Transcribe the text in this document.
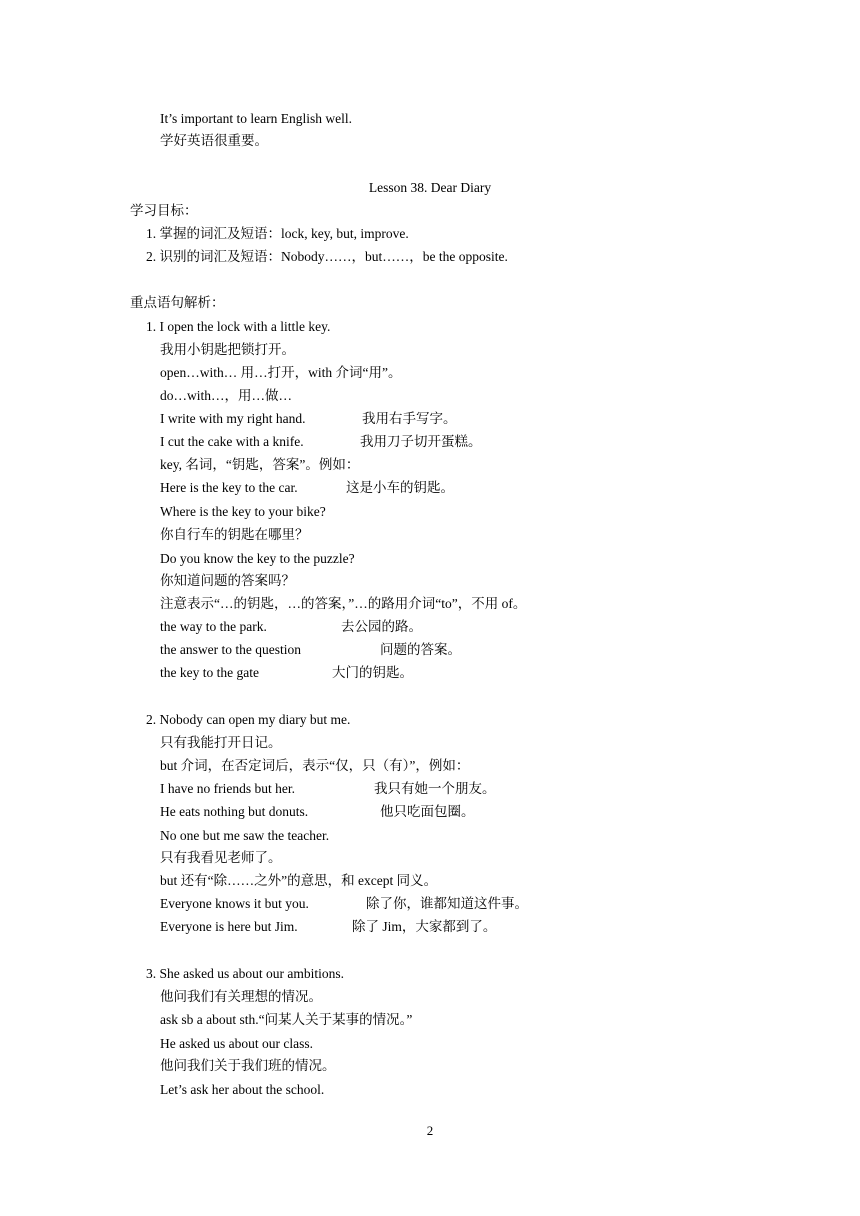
It’s important to learn English well.
学好英语很重要。
Lesson 38. Dear Diary
学习目标：
1. 掌握的词汇及短语：lock, key, but, improve.
2. 识别的词汇及短语：Nobody……，but……，be the opposite.
重点语句解析：
1. I open the lock with a little key.
我用小钥匙把锁打开。
open…with… 用…打开，with 介词“用”。
do…with…，用…做…
I write with my right hand.	我用右手写字。
I cut the cake with a knife.	我用刀子切开蛋糕。
key, 名词，“钥匙，答案”。例如：
Here is the key to the car.	这是小车的钥匙。
Where is the key to your bike?
你自行车的钥匙在哪里？
Do you know the key to the puzzle?
你知道问题的答案吗？
注意表示“…的钥匙，…的答案，”…的路用介词“to”，不用 of。
the way to the park.	去公园的路。
the answer to the question	问题的答案。
the key to the gate	大门的钥匙。
2. Nobody can open my diary but me.
只有我能打开日记。
but 介词，在否定词后，表示“仅，只（有）”，例如：
I have no friends but her.	我只有她一个朋友。
He eats nothing but donuts.	他只吃面包圈。
No one but me saw the teacher.
只有我看见老师了。
but 还有“除……之外”的意思，和 except 同义。
Everyone knows it but you.	除了你，谁都知道这件事。
Everyone is here but Jim.	除了 Jim，大家都到了。
3. She asked us about our ambitions.
他问我们有关理想的情况。
ask sb a about sth.“问某人关于某事的情况。”
He asked us about our class.
他问我们关于我们班的情况。
Let’s ask her about the school.
2
